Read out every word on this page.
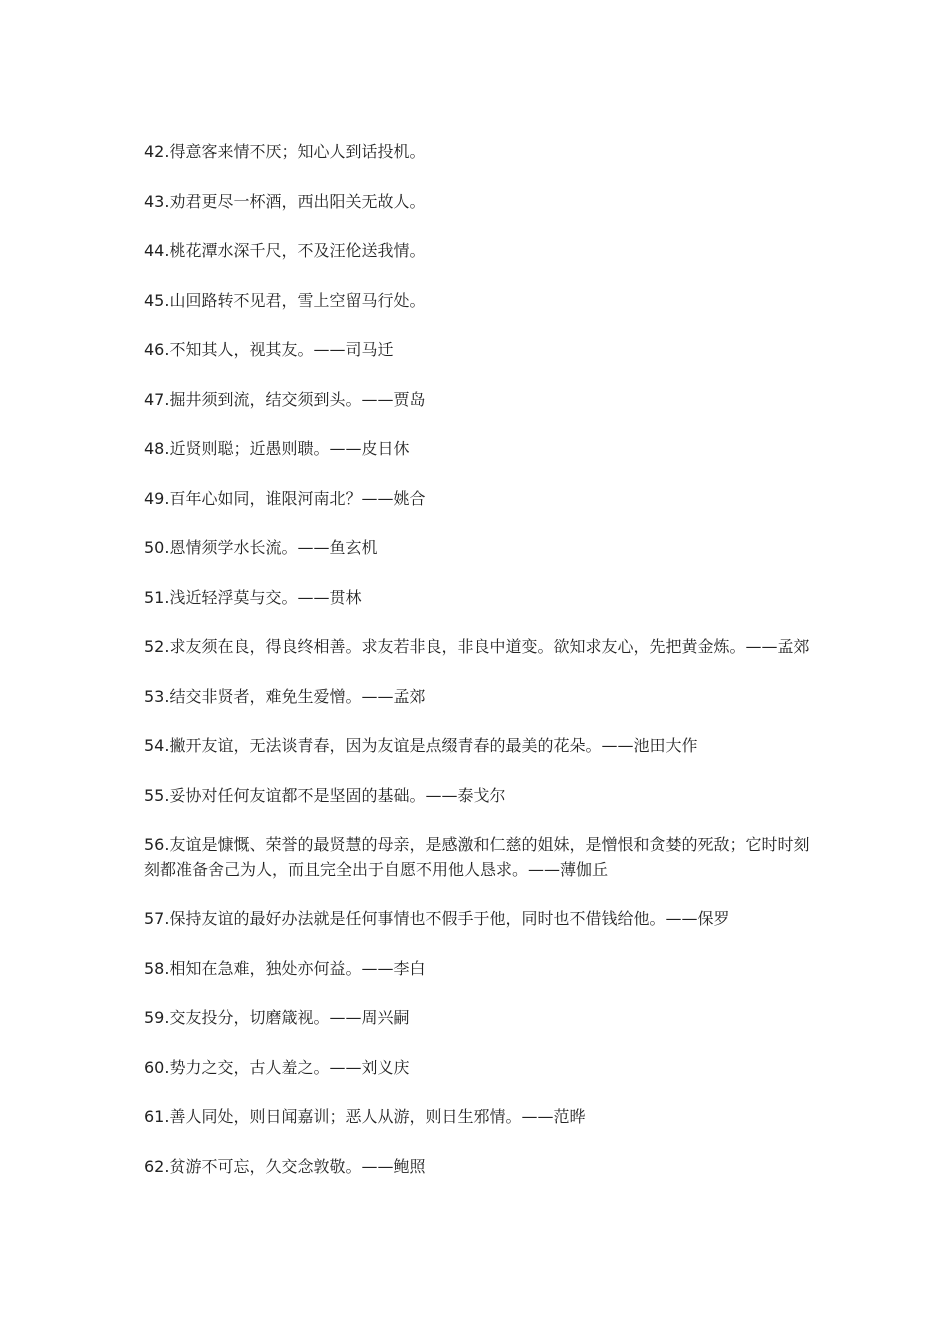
42.得意客来情不厌；知心人到话投机。
43.劝君更尽一杯酒，西出阳关无故人。
44.桃花潭水深千尺，不及汪伦送我情。
45.山回路转不见君，雪上空留马行处。
46.不知其人，视其友。——司马迁
47.掘井须到流，结交须到头。——贾岛
48.近贤则聪；近愚则聩。——皮日休
49.百年心如同，谁限河南北？——姚合
50.恩情须学水长流。——鱼玄机
51.浅近轻浮莫与交。——贯林
52.求友须在良，得良终相善。求友若非良，非良中道变。欲知求友心，先把黄金炼。——孟郊
53.结交非贤者，难免生爱憎。——孟郊
54.撇开友谊，无法谈青春，因为友谊是点缀青春的最美的花朵。——池田大作
55.妥协对任何友谊都不是坚固的基础。——泰戈尔
56.友谊是慷慨、荣誉的最贤慧的母亲，是感激和仁慈的姐妹，是憎恨和贪婪的死敌；它时时刻刻都准备舍己为人，而且完全出于自愿不用他人恳求。——薄伽丘
57.保持友谊的最好办法就是任何事情也不假手于他，同时也不借钱给他。——保罗
58.相知在急难，独处亦何益。——李白
59.交友投分，切磨箴视。——周兴嗣
60.势力之交，古人羞之。——刘义庆
61.善人同处，则日闻嘉训；恶人从游，则日生邪情。——范晔
62.贫游不可忘，久交念敦敬。——鲍照
